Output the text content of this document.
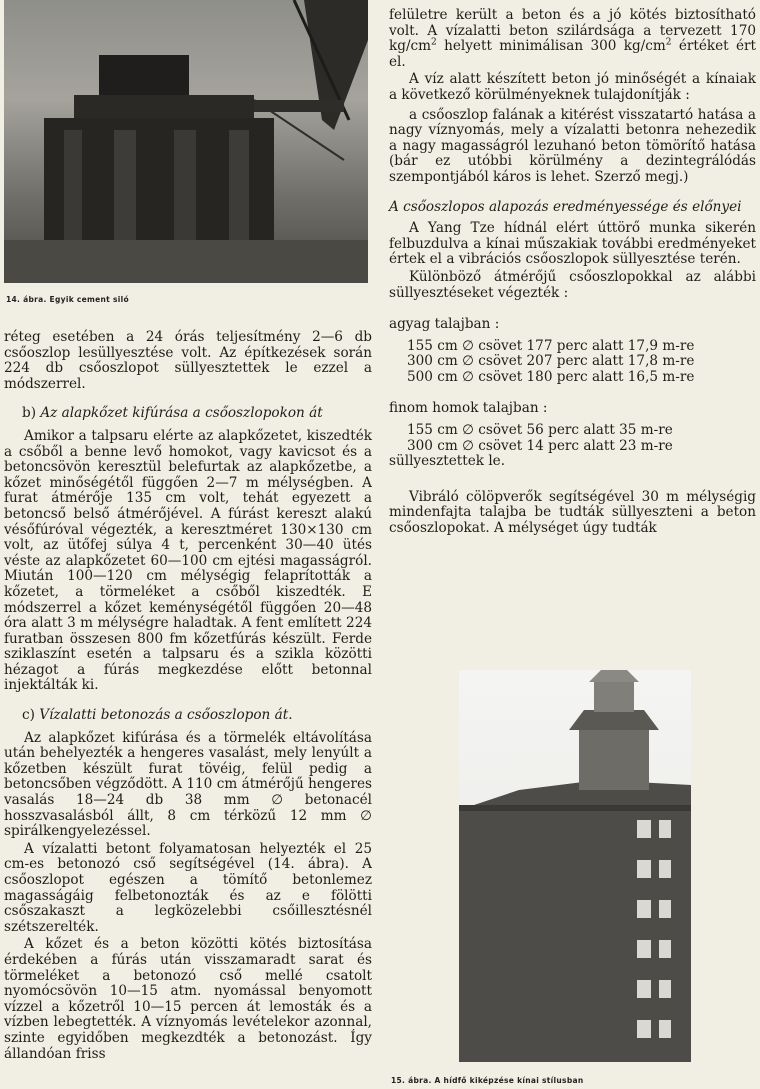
14. ábra. Egyik cement siló

réteg esetében a 24 órás teljesítmény 2—6 db csőoszlop lesüllyesztése volt. Az építkezések során 224 db csőoszlopot süllyesztettek le ezzel a módszerrel.

b) Az alapkőzet kifúrása a csőoszlopokon át

Amikor a talpsaru elérte az alapkőzetet, kiszedték a csőből a benne levő homokot, vagy kavicsot és a betoncsövön keresztül belefurtak az alapkőzetbe, a kőzet minőségétől függően 2—7 m mélységben. A furat átmérője 135 cm volt, tehát egyezett a betoncső belső átmérőjével. A fúrást kereszt alakú vésőfúróval végezték, a keresztméret 130×130 cm volt, az ütőfej súlya 4 t, percenként 30—40 ütés véste az alapkőzetet 60—100 cm ejtési magasságról. Miután 100—120 cm mélységig felaprították a kőzetet, a törmeléket a csőből kiszedték. E módszerrel a kőzet keménységétől függően 20—48 óra alatt 3 m mélységre haladtak. A fent említett 224 furatban összesen 800 fm kőzetfúrás készült. Ferde sziklaszínt esetén a talpsaru és a szikla közötti hézagot a fúrás megkezdése előtt betonnal injektálták ki.

c) Vízalatti betonozás a csőoszlopon át.

Az alapkőzet kifúrása és a törmelék eltávolítása után behelyezték a hengeres vasalást, mely lenyúlt a kőzetben készült furat tövéig, felül pedig a betoncsőben végződött. A 110 cm átmérőjű hengeres vasalás 18—24 db 38 mm ∅ betonacél hosszvasalásból állt, 8 cm térközű 12 mm ∅ spirálkengyelezéssel.

A vízalatti betont folyamatosan helyezték el 25 cm-es betonozó cső segítségével (14. ábra). A csőoszlopot egészen a tömítő betonlemez magasságáig felbetonozták és az e fölötti csőszakaszt a legközelebbi csőillesztésnél szétszerelték.

A kőzet és a beton közötti kötés biztosítása érdekében a fúrás után visszamaradt sarat és törmeléket a betonozó cső mellé csatolt nyomócsövön 10—15 atm. nyomással benyomott vízzel a kőzetről 10—15 percen át lemosták és a vízben lebegtették. A víznyomás levételekor azonnal, szinte egyidőben megkezdték a betonozást. Így állandóan friss

felületre került a beton és a jó kötés biztosítható volt. A vízalatti beton szilárdsága a tervezett 170 $kg/cm^2$ helyett minimálisan 300 $kg/cm^2$ értéket ért el.

A víz alatt készített beton jó minőségét a kínaiak a következő körülményeknek tulajdonítják :

a csőoszlop falának a kitérést visszatartó hatása a nagy víznyomás, mely a vízalatti betonra nehezedik a nagy magasságról lezuhanó beton tömörítő hatása (bár ez utóbbi körülmény a dezintegrálódás szempontjából káros is lehet. Szerző megj.)

A csőoszlopos alapozás eredményessége és előnyei

A Yang Tze hídnál elért úttörő munka sikerén felbuzdulva a kínai műszakiak további eredményeket értek el a vibrációs csőoszlopok süllyesztése terén.

Különböző átmérőjű csőoszlopokkal az alábbi süllyesztéseket végezték :

agyag talajban :

155 cm ∅ csövet 177 perc alatt 17,9 m-re
300 cm ∅ csövet 207 perc alatt 17,8 m-re
500 cm ∅ csövet 180 perc alatt 16,5 m-re

finom homok talajban :

155 cm ∅ csövet 56 perc alatt 35 m-re
300 cm ∅ csövet 14 perc alatt 23 m-re

süllyesztettek le.

Vibráló cölöpverők segítségével 30 m mélységig mindenfajta talajba be tudták süllyeszteni a beton csőoszlopokat. A mélységet úgy tudták

15. ábra. A hídfő kiképzése kínai stílusban
